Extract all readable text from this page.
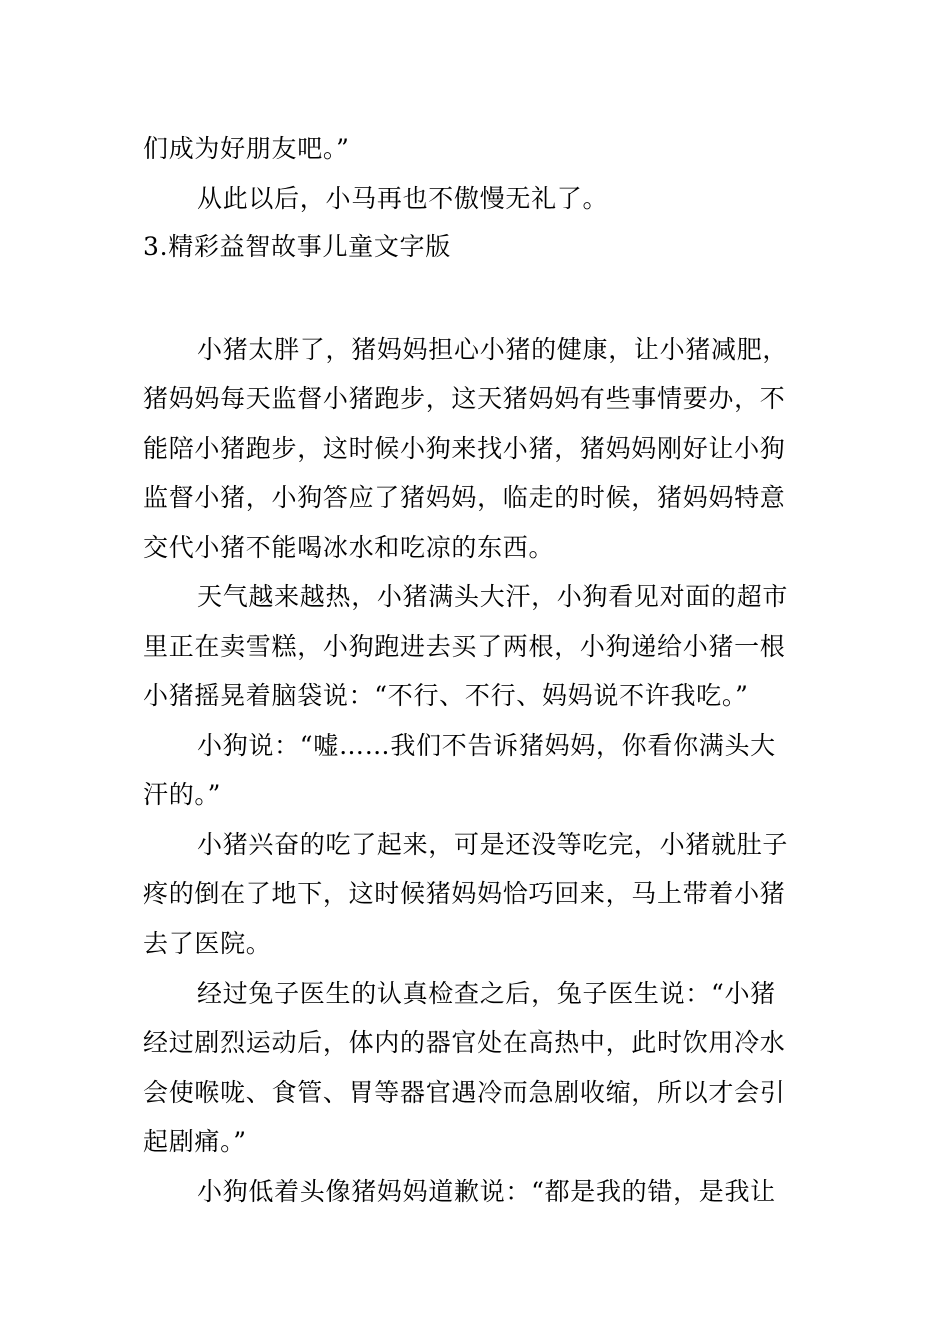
们成为好朋友吧。”
从此以后，小马再也不傲慢无礼了。
3.精彩益智故事儿童文字版
小猪太胖了，猪妈妈担心小猪的健康，让小猪减肥，
猪妈妈每天监督小猪跑步，这天猪妈妈有些事情要办，不
能陪小猪跑步，这时候小狗来找小猪，猪妈妈刚好让小狗
监督小猪，小狗答应了猪妈妈，临走的时候，猪妈妈特意
交代小猪不能喝冰水和吃凉的东西。
天气越来越热，小猪满头大汗，小狗看见对面的超市
里正在卖雪糕，小狗跑进去买了两根，小狗递给小猪一根
小猪摇晃着脑袋说：“不行、不行、妈妈说不许我吃。”
小狗说：“嘘……我们不告诉猪妈妈，你看你满头大
汗的。”
小猪兴奋的吃了起来，可是还没等吃完，小猪就肚子
疼的倒在了地下，这时候猪妈妈恰巧回来，马上带着小猪
去了医院。
经过兔子医生的认真检查之后，兔子医生说：“小猪
经过剧烈运动后，体内的器官处在高热中，此时饮用冷水
会使喉咙、食管、胃等器官遇冷而急剧收缩，所以才会引
起剧痛。”
小狗低着头像猪妈妈道歉说：“都是我的错，是我让
